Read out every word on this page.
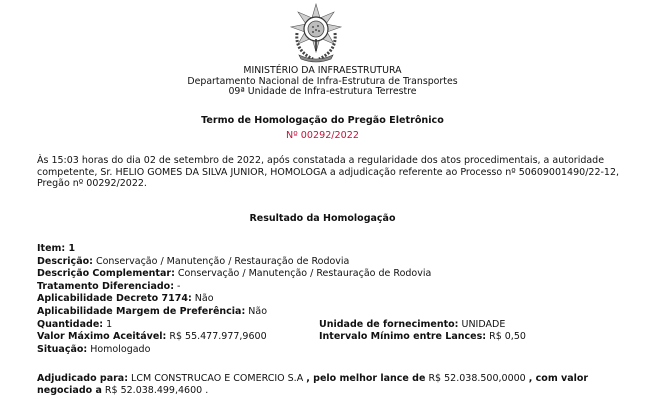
MINISTÉRIO DA INFRAESTRUTURA
Departamento Nacional de Infra-Estrutura de Transportes
09ª Unidade de Infra-estrutura Terrestre
Termo de Homologação do Pregão Eletrônico
Nº 00292/2022
Às 15:03 horas do dia 02 de setembro de 2022, após constatada a regularidade dos atos procedimentais, a autoridade competente, Sr. HELIO GOMES DA SILVA JUNIOR, HOMOLOGA a adjudicação referente ao Processo nº 50609001490/22-12, Pregão nº 00292/2022.
Resultado da Homologação
Item: 1
Descrição: Conservação / Manutenção / Restauração de Rodovia
Descrição Complementar: Conservação / Manutenção / Restauração de Rodovia
Tratamento Diferenciado: -
Aplicabilidade Decreto 7174: Não
Aplicabilidade Margem de Preferência: Não
Quantidade: 1	Unidade de fornecimento: UNIDADE
Valor Máximo Aceitável: R$ 55.477.977,9600	Intervalo Mínimo entre Lances: R$ 0,50
Situação: Homologado
Adjudicado para: LCM CONSTRUCAO E COMERCIO S.A , pelo melhor lance de R$ 52.038.500,0000 , com valor negociado a R$ 52.038.499,4600 .
